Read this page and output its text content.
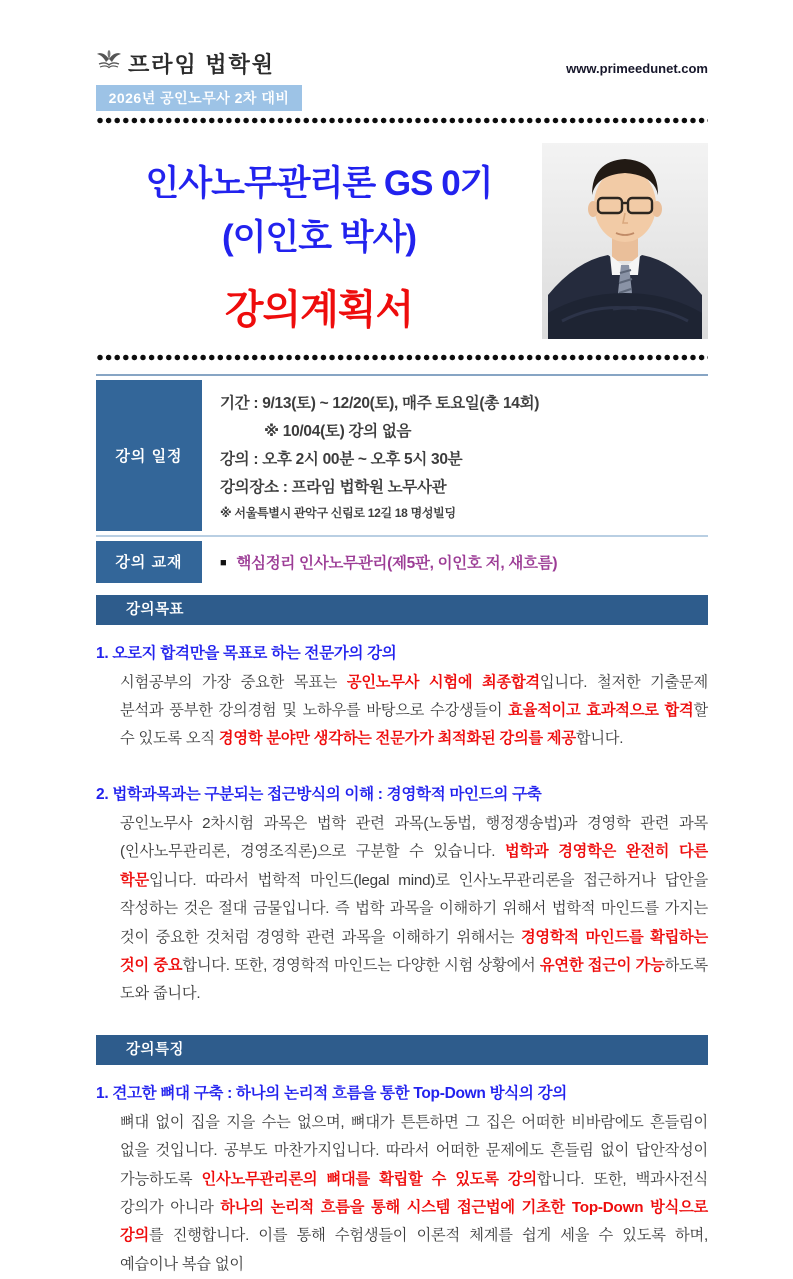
프라임 법학원	www.primeedunet.com
2026년 공인노무사 2차 대비
인사노무관리론 GS 0기
(이인호 박사)
강의계획서
강의 일정
기간 : 9/13(토) ~ 12/20(토), 매주 토요일(총 14회)
※ 10/04(토) 강의 없음
강의 : 오후 2시 00분 ~ 오후 5시 30분
강의장소 : 프라임 법학원 노무사관
※ 서울특별시 관악구 신림로 12길 18 명성빌딩
강의 교재	■ 핵심정리 인사노무관리(제5판, 이인호 저, 새흐름)
강의목표
1. 오로지 합격만을 목표로 하는 전문가의 강의
시험공부의 가장 중요한 목표는 공인노무사 시험에 최종합격입니다. 철저한 기출문제 분석과 풍부한 강의경험 및 노하우를 바탕으로 수강생들이 효율적이고 효과적으로 합격할 수 있도록 오직 경영학 분야만 생각하는 전문가가 최적화된 강의를 제공합니다.
2. 법학과목과는 구분되는 접근방식의 이해 : 경영학적 마인드의 구축
공인노무사 2차시험 과목은 법학 관련 과목(노동법, 행정쟁송법)과 경영학 관련 과목(인사노무관리론, 경영조직론)으로 구분할 수 있습니다. 법학과 경영학은 완전히 다른 학문입니다. 따라서 법학적 마인드(legal mind)로 인사노무관리론을 접근하거나 답안을 작성하는 것은 절대 금물입니다. 즉 법학 과목을 이해하기 위해서 법학적 마인드를 가지는 것이 중요한 것처럼 경영학 관련 과목을 이해하기 위해서는 경영학적 마인드를 확립하는 것이 중요합니다. 또한, 경영학적 마인드는 다양한 시험 상황에서 유연한 접근이 가능하도록 도와 줍니다.
강의특징
1. 견고한 뼈대 구축 : 하나의 논리적 흐름을 통한 Top-Down 방식의 강의
뼈대 없이 집을 지을 수는 없으며, 뼈대가 튼튼하면 그 집은 어떠한 비바람에도 흔들림이 없을 것입니다. 공부도 마찬가지입니다. 따라서 어떠한 문제에도 흔들림 없이 답안작성이 가능하도록 인사노무관리론의 뼈대를 확립할 수 있도록 강의합니다. 또한, 백과사전식 강의가 아니라 하나의 논리적 흐름을 통해 시스템 접근법에 기초한 Top-Down 방식으로 강의를 진행합니다. 이를 통해 수험생들이 이론적 체계를 쉽게 세울 수 있도록 하며, 예습이나 복습 없이
